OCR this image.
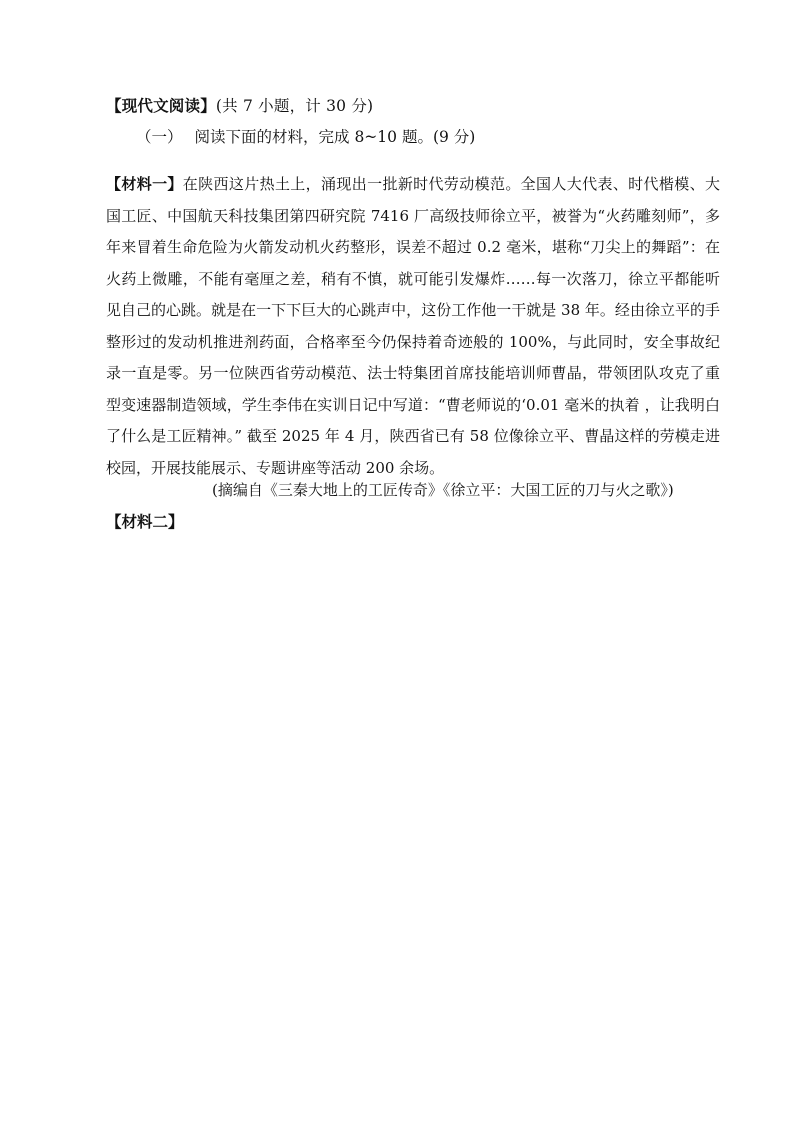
【现代文阅读】(共 7 小题，计 30 分)
（一） 阅读下面的材料，完成 8~10 题。(9 分)
【材料一】在陕西这片热土上，涌现出一批新时代劳动模范。全国人大代表、时代楷模、大国工匠、中国航天科技集团第四研究院 7416 厂高级技师徐立平，被誉为“火药雕刻师”，多年来冒着生命危险为火箭发动机火药整形，误差不超过 0.2 毫米，堪称“刀尖上的舞蹈”：在火药上微雕，不能有毫厘之差，稍有不慎，就可能引发爆炸……每一次落刀，徐立平都能听见自己的心跳。就是在一下下巨大的心跳声中，这份工作他一干就是 38 年。经由徐立平的手整形过的发动机推进剂药面，合格率至今仍保持着奇迹般的 100%，与此同时，安全事故纪录一直是零。另一位陕西省劳动模范、法士特集团首席技能培训师曹晶，带领团队攻克了重型变速器制造领域，学生李伟在实训日记中写道：“曹老师说的‘0.01 毫米的执着 ，让我明白了什么是工匠精神。” 截至 2025 年 4 月，陕西省已有 58 位像徐立平、曹晶这样的劳模走进校园，开展技能展示、专题讲座等活动 200 余场。
(摘编自《三秦大地上的工匠传奇》《徐立平：大国工匠的刀与火之歌》)
【材料二】
